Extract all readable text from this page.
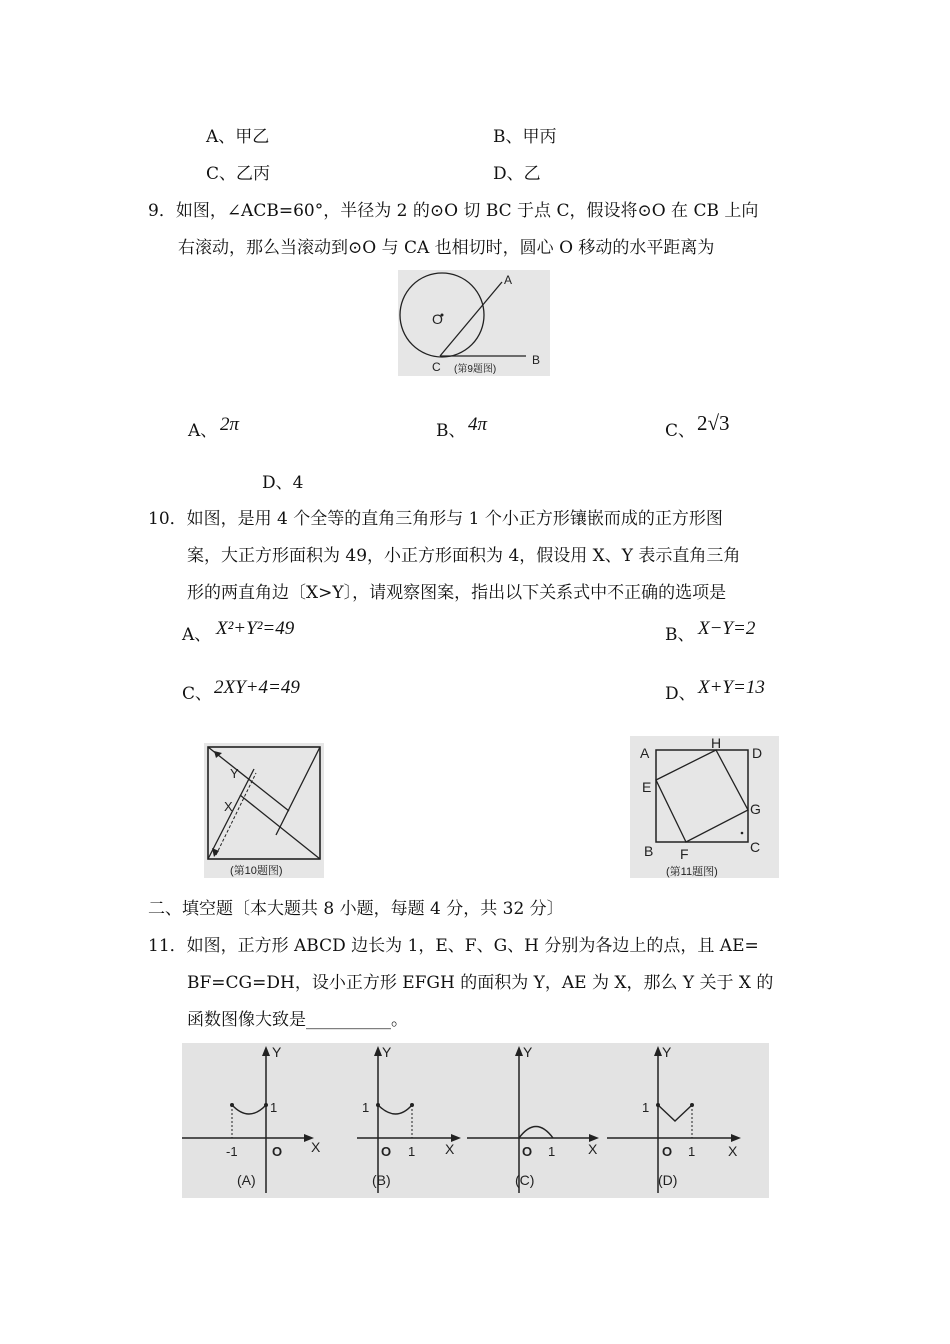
A、甲乙	B、甲丙
C、乙丙	D、乙
9．如图，∠ACB=60°，半径为 2 的⊙O 切 BC 于点 C，假设将⊙O 在 CB 上向
右滚动，那么当滚动到⊙O 与 CA 也相切时，圆心 O 移动的水平距离为
A
O
C	B
(第9题图)
A、 2π	B、 4π	C、 2√3
D、4
10．如图，是用 4 个全等的直角三角形与 1 个小正方形镶嵌而成的正方形图
案，大正方形面积为 49，小正方形面积为 4，假设用 X、Y 表示直角三角
形的两直角边〔X>Y〕，请观察图案，指出以下关系式中不正确的选项是
A、 X²+Y²=49	B、 X−Y=2
C、 2XY+4=49	D、 X+Y=13
Y
X
(第10题图)
A
H
D
E
G
B F	C
(第11题图)
二、填空题〔本大题共 8 小题，每题 4 分，共 32 分〕
11．如图，正方形 ABCD 边长为 1，E、F、G、H 分别为各边上的点，且 AE=
BF=CG=DH，设小正方形 EFGH 的面积为 Y，AE 为 X，那么 Y 关于 X 的
函数图像大致是__________。
Y
X
1
-1	O
(A)
Y
X
1
1
O
(B)
Y
X
1
O
(C)
Y
X
1
1
O
(D)
